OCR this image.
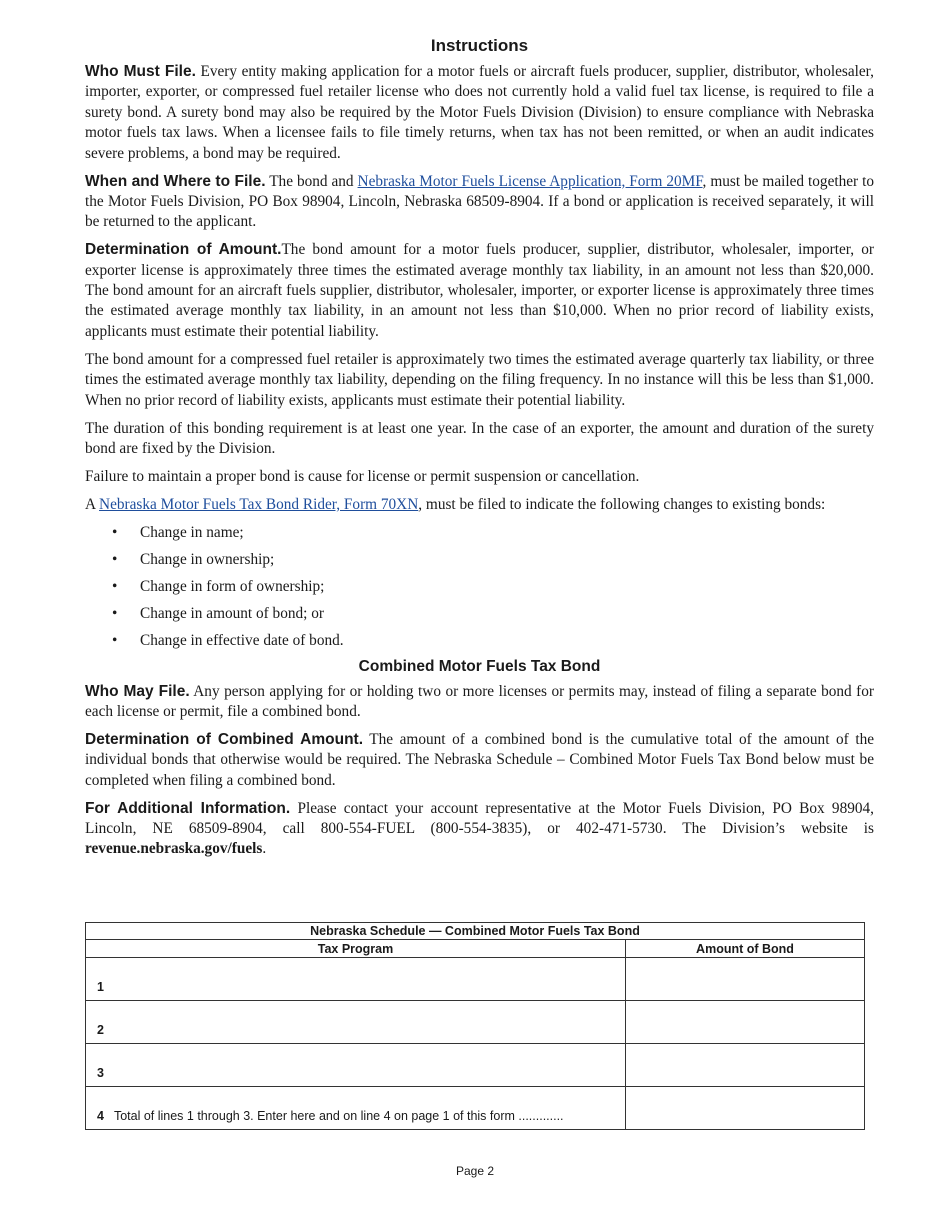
Instructions

Who Must File. Every entity making application for a motor fuels or aircraft fuels producer, supplier, distributor, wholesaler, importer, exporter, or compressed fuel retailer license who does not currently hold a valid fuel tax license, is required to file a surety bond. A surety bond may also be required by the Motor Fuels Division (Division) to ensure compliance with Nebraska motor fuels tax laws. When a licensee fails to file timely returns, when tax has not been remitted, or when an audit indicates severe problems, a bond may be required.

When and Where to File. The bond and Nebraska Motor Fuels License Application, Form 20MF, must be mailed together to the Motor Fuels Division, PO Box 98904, Lincoln, Nebraska 68509-8904. If a bond or application is received separately, it will be returned to the applicant.

Determination of Amount.The bond amount for a motor fuels producer, supplier, distributor, wholesaler, importer, or exporter license is approximately three times the estimated average monthly tax liability, in an amount not less than $20,000. The bond amount for an aircraft fuels supplier, distributor, wholesaler, importer, or exporter license is approximately three times the estimated average monthly tax liability, in an amount not less than $10,000. When no prior record of liability exists, applicants must estimate their potential liability.

The bond amount for a compressed fuel retailer is approximately two times the estimated average quarterly tax liability, or three times the estimated average monthly tax liability, depending on the filing frequency. In no instance will this be less than $1,000. When no prior record of liability exists, applicants must estimate their potential liability.

The duration of this bonding requirement is at least one year. In the case of an exporter, the amount and duration of the surety bond are fixed by the Division.

Failure to maintain a proper bond is cause for license or permit suspension or cancellation.

A Nebraska Motor Fuels Tax Bond Rider, Form 70XN, must be filed to indicate the following changes to existing bonds:

•	Change in name;
•	Change in ownership;
•	Change in form of ownership;
•	Change in amount of bond; or
•	Change in effective date of bond.
Combined Motor Fuels Tax Bond

Who May File. Any person applying for or holding two or more licenses or permits may, instead of filing a separate bond for each license or permit, file a combined bond.

Determination of Combined Amount. The amount of a combined bond is the cumulative total of the amount of the individual bonds that otherwise would be required. The Nebraska Schedule – Combined Motor Fuels Tax Bond below must be completed when filing a combined bond.

For Additional Information. Please contact your account representative at the Motor Fuels Division, PO Box 98904, Lincoln, NE 68509-8904, call 800-554-FUEL (800-554-3835), or 402-471-5730. The Division’s website is revenue.nebraska.gov/fuels.

Nebraska Schedule — Combined Motor Fuels Tax Bond	
Tax Program	Amount of Bond
1	
2	
3	
4 Total of lines 1 through 3. Enter here and on line 4 on page 1 of this form .............	
Page 2
